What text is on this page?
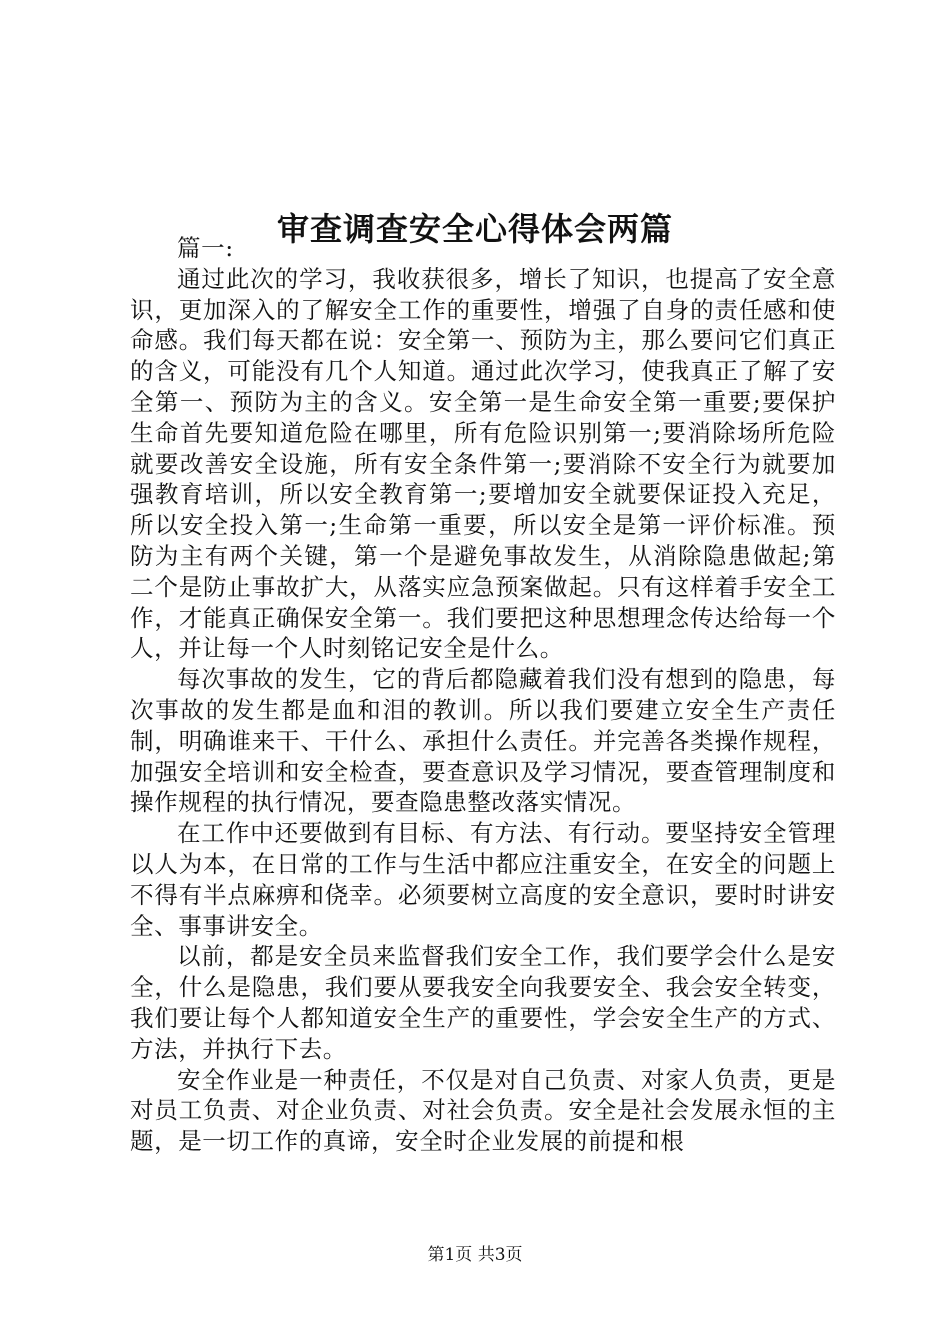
审查调查安全心得体会两篇

篇一:

通过此次的学习，我收获很多，增长了知识，也提高了安全意识，更加深入的了解安全工作的重要性，增强了自身的责任感和使命感。我们每天都在说：安全第一、预防为主，那么要问它们真正的含义，可能没有几个人知道。通过此次学习，使我真正了解了安全第一、预防为主的含义。安全第一是生命安全第一重要;要保护生命首先要知道危险在哪里，所有危险识别第一;要消除场所危险就要改善安全设施，所有安全条件第一;要消除不安全行为就要加强教育培训，所以安全教育第一;要增加安全就要保证投入充足，所以安全投入第一;生命第一重要，所以安全是第一评价标准。预防为主有两个关键，第一个是避免事故发生，从消除隐患做起;第二个是防止事故扩大，从落实应急预案做起。只有这样着手安全工作，才能真正确保安全第一。我们要把这种思想理念传达给每一个人，并让每一个人时刻铭记安全是什么。

每次事故的发生，它的背后都隐藏着我们没有想到的隐患，每次事故的发生都是血和泪的教训。所以我们要建立安全生产责任制，明确谁来干、干什么、承担什么责任。并完善各类操作规程，加强安全培训和安全检查，要查意识及学习情况，要查管理制度和操作规程的执行情况，要查隐患整改落实情况。

在工作中还要做到有目标、有方法、有行动。要坚持安全管理以人为本，在日常的工作与生活中都应注重安全，在安全的问题上不得有半点麻痹和侥幸。必须要树立高度的安全意识，要时时讲安全、事事讲安全。

以前，都是安全员来监督我们安全工作，我们要学会什么是安全，什么是隐患，我们要从要我安全向我要安全、我会安全转变，我们要让每个人都知道安全生产的重要性，学会安全生产的方式、方法，并执行下去。

安全作业是一种责任，不仅是对自己负责、对家人负责，更是对员工负责、对企业负责、对社会负责。安全是社会发展永恒的主题，是一切工作的真谛，安全时企业发展的前提和根

第1页 共3页
